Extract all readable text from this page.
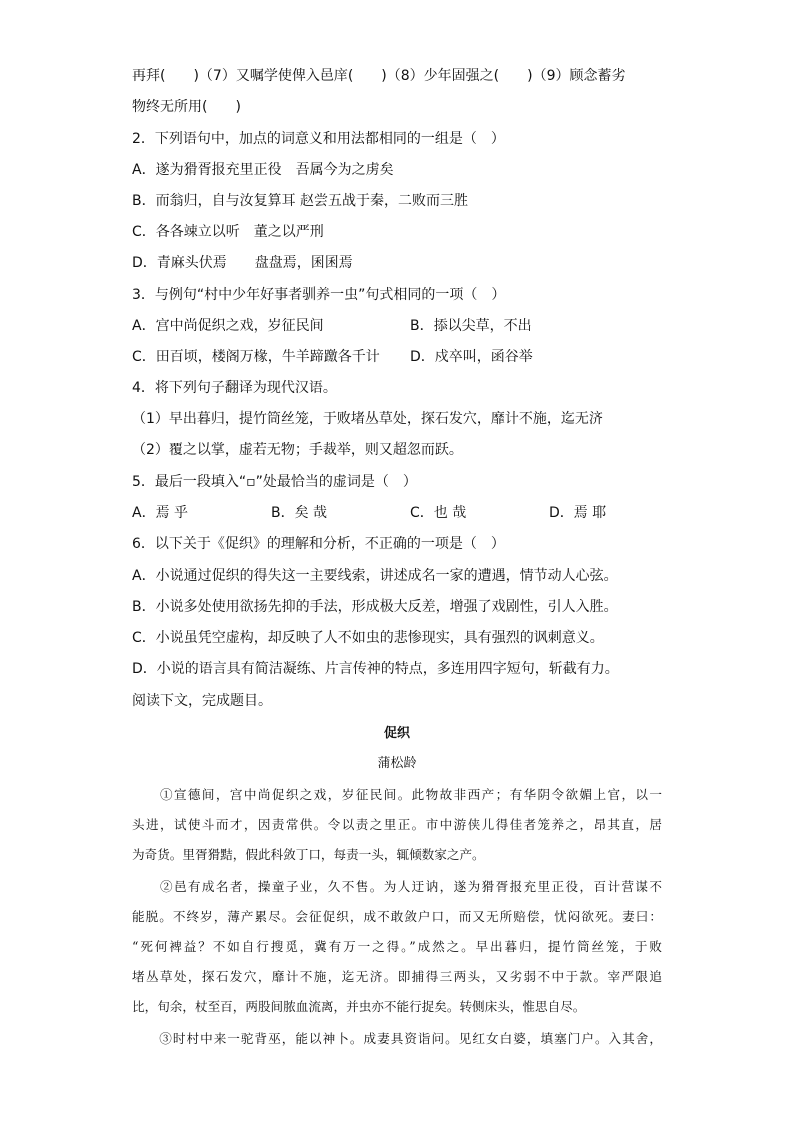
再拜(　　)（7）又嘱学使俾入邑庠(　　)（8）少年固强之(　　)（9）顾念蓄劣
物终无所用(　　)
2．下列语句中，加点的词意义和用法都相同的一组是（　）
A．遂为猾胥报充里正役　吾属今为之虏矣
B．而翁归，自与汝复算耳 赵尝五战于秦，二败而三胜
C．各各竦立以听　董之以严刑
D．青麻头伏焉　　盘盘焉，囷囷焉
3．与例句“村中少年好事者驯养一虫”句式相同的一项（　）
A．宫中尚促织之戏，岁征民间	B．掭以尖草，不出
C．田百顷，楼阁万椽，牛羊蹄躈各千计 D．戍卒叫，函谷举
4．将下列句子翻译为现代汉语。
（1）早出暮归，提竹筒丝笼，于败堵丛草处，探石发穴，靡计不施，迄无济
（2）覆之以掌，虚若无物；手裁举，则又超忽而跃。
5．最后一段填入“▫”处最恰当的虚词是（　）
A．焉 乎	B．矣 哉	C．也 哉	D．焉 耶
6．以下关于《促织》的理解和分析，不正确的一项是（　）
A．小说通过促织的得失这一主要线索，讲述成名一家的遭遇，情节动人心弦。
B．小说多处使用欲扬先抑的手法，形成极大反差，增强了戏剧性，引人入胜。
C．小说虽凭空虚构，却反映了人不如虫的悲惨现实，具有强烈的讽刺意义。
D．小说的语言具有简洁凝练、片言传神的特点，多连用四字短句，斩截有力。
阅读下文，完成题目。
促织
蒲松龄
　　①宣德间，宫中尚促织之戏，岁征民间。此物故非西产；有华阴令欲媚上官，以一
头进，试使斗而才，因责常供。令以责之里正。市中游侠儿得佳者笼养之，昂其直，居
为奇货。里胥猾黠，假此科敛丁口，每责一头，辄倾数家之产。
　　②邑有成名者，操童子业，久不售。为人迂讷，遂为猾胥报充里正役，百计营谋不
能脱。不终岁，薄产累尽。会征促织，成不敢敛户口，而又无所赔偿，忧闷欲死。妻曰：
“死何裨益？不如自行搜觅，冀有万一之得。”成然之。早出暮归，提竹筒丝笼，于败
堵丛草处，探石发穴，靡计不施，迄无济。即捕得三两头，又劣弱不中于款。宰严限追
比，旬余，杖至百，两股间脓血流离，并虫亦不能行捉矣。转侧床头，惟思自尽。
　　③时村中来一驼背巫，能以神卜。成妻具资诣问。见红女白婆，填塞门户。入其舍，
